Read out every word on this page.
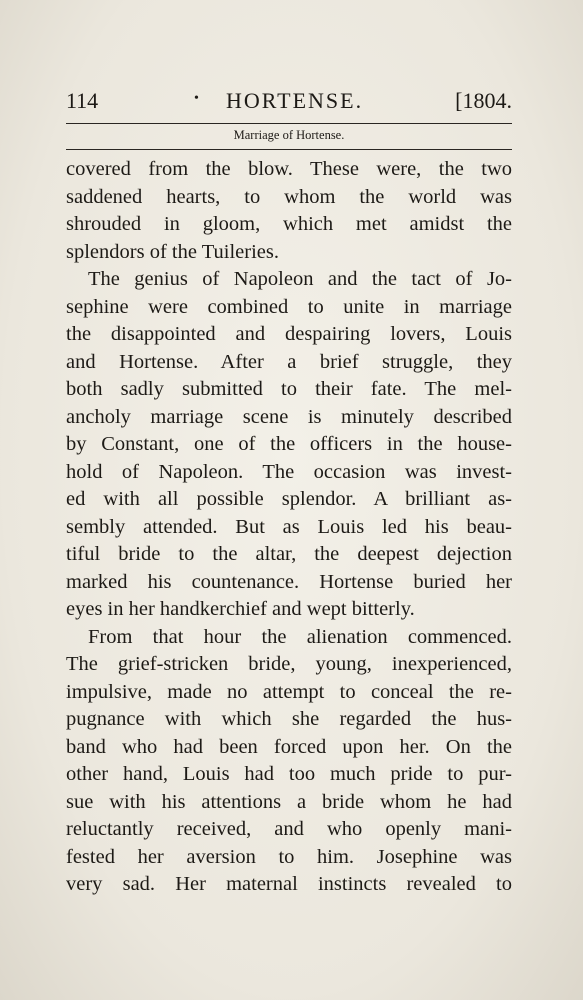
114	• HORTENSE.	[1804.
Marriage of Hortense.
covered from the blow. These were, the two
saddened hearts, to whom the world was
shrouded in gloom, which met amidst the
splendors of the Tuileries.
The genius of Napoleon and the tact of Jo-
sephine were combined to unite in marriage
the disappointed and despairing lovers, Louis
and Hortense. After a brief struggle, they
both sadly submitted to their fate. The mel-
ancholy marriage scene is minutely described
by Constant, one of the officers in the house-
hold of Napoleon. The occasion was invest-
ed with all possible splendor. A brilliant as-
sembly attended. But as Louis led his beau-
tiful bride to the altar, the deepest dejection
marked his countenance. Hortense buried her
eyes in her handkerchief and wept bitterly.
From that hour the alienation commenced.
The grief-stricken bride, young, inexperienced,
impulsive, made no attempt to conceal the re-
pugnance with which she regarded the hus-
band who had been forced upon her. On the
other hand, Louis had too much pride to pur-
sue with his attentions a bride whom he had
reluctantly received, and who openly mani-
fested her aversion to him. Josephine was
very sad. Her maternal instincts revealed to
